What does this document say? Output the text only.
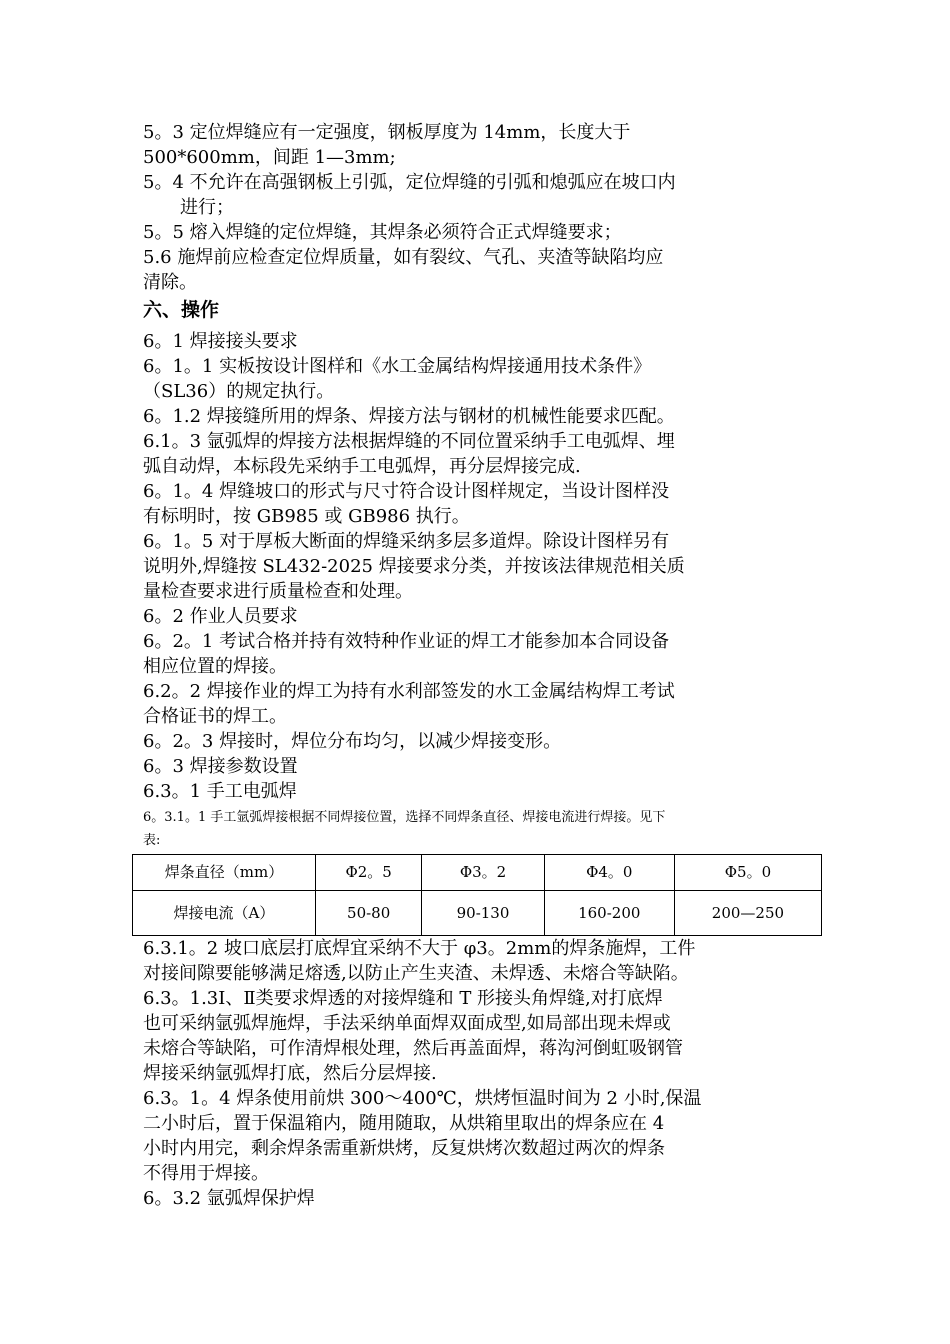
5。3 定位焊缝应有一定强度，钢板厚度为 14mm，长度大于
500*600mm，间距 1—3mm;

5。4 不允许在高强钢板上引弧，定位焊缝的引弧和熄弧应在坡口内
进行；

5。5 熔入焊缝的定位焊缝，其焊条必须符合正式焊缝要求；

5.6 施焊前应检查定位焊质量，如有裂纹、气孔、夹渣等缺陷均应
清除。

六、操作

6。1 焊接接头要求

6。1。1 实板按设计图样和《水工金属结构焊接通用技术条件》
（SL36）的规定执行。

6。1.2 焊接缝所用的焊条、焊接方法与钢材的机械性能要求匹配。

6.1。3 氩弧焊的焊接方法根据焊缝的不同位置采纳手工电弧焊、埋
弧自动焊，本标段先采纳手工电弧焊，再分层焊接完成.

6。1。4 焊缝坡口的形式与尺寸符合设计图样规定，当设计图样没
有标明时，按 GB985 或 GB986 执行。

6。1。5 对于厚板大断面的焊缝采纳多层多道焊。除设计图样另有
说明外,焊缝按 SL432-2025 焊接要求分类，并按该法律规范相关质
量检查要求进行质量检查和处理。

6。2 作业人员要求

6。2。1 考试合格并持有效特种作业证的焊工才能参加本合同设备
相应位置的焊接。

6.2。2 焊接作业的焊工为持有水利部签发的水工金属结构焊工考试
合格证书的焊工。

6。2。3 焊接时，焊位分布均匀，以减少焊接变形。

6。3 焊接参数设置

6.3。1 手工电弧焊

6。3.1。1 手工氩弧焊接根据不同焊接位置，选择不同焊条直径、焊接电流进行焊接。见下
表:

焊条直径（mm）	Φ2。5	Φ3。2	Φ4。0	Φ5。0
焊接电流（A）	50-80	90-130	160-200	200—250

6.3.1。2 坡口底层打底焊宜采纳不大于 φ3。2mm的焊条施焊，工件
对接间隙要能够满足熔透,以防止产生夹渣、未焊透、未熔合等缺陷。

6.3。1.3Ⅰ、Ⅱ类要求焊透的对接焊缝和 T 形接头角焊缝,对打底焊
也可采纳氩弧焊施焊，手法采纳单面焊双面成型,如局部出现未焊或
未熔合等缺陷，可作清焊根处理，然后再盖面焊，蒋沟河倒虹吸钢管
焊接采纳氩弧焊打底，然后分层焊接.

6.3。1。4 焊条使用前烘 300～400℃，烘烤恒温时间为 2 小时,保温
二小时后，置于保温箱内，随用随取，从烘箱里取出的焊条应在 4
小时内用完，剩余焊条需重新烘烤，反复烘烤次数超过两次的焊条
不得用于焊接。

6。3.2 氩弧焊保护焊
